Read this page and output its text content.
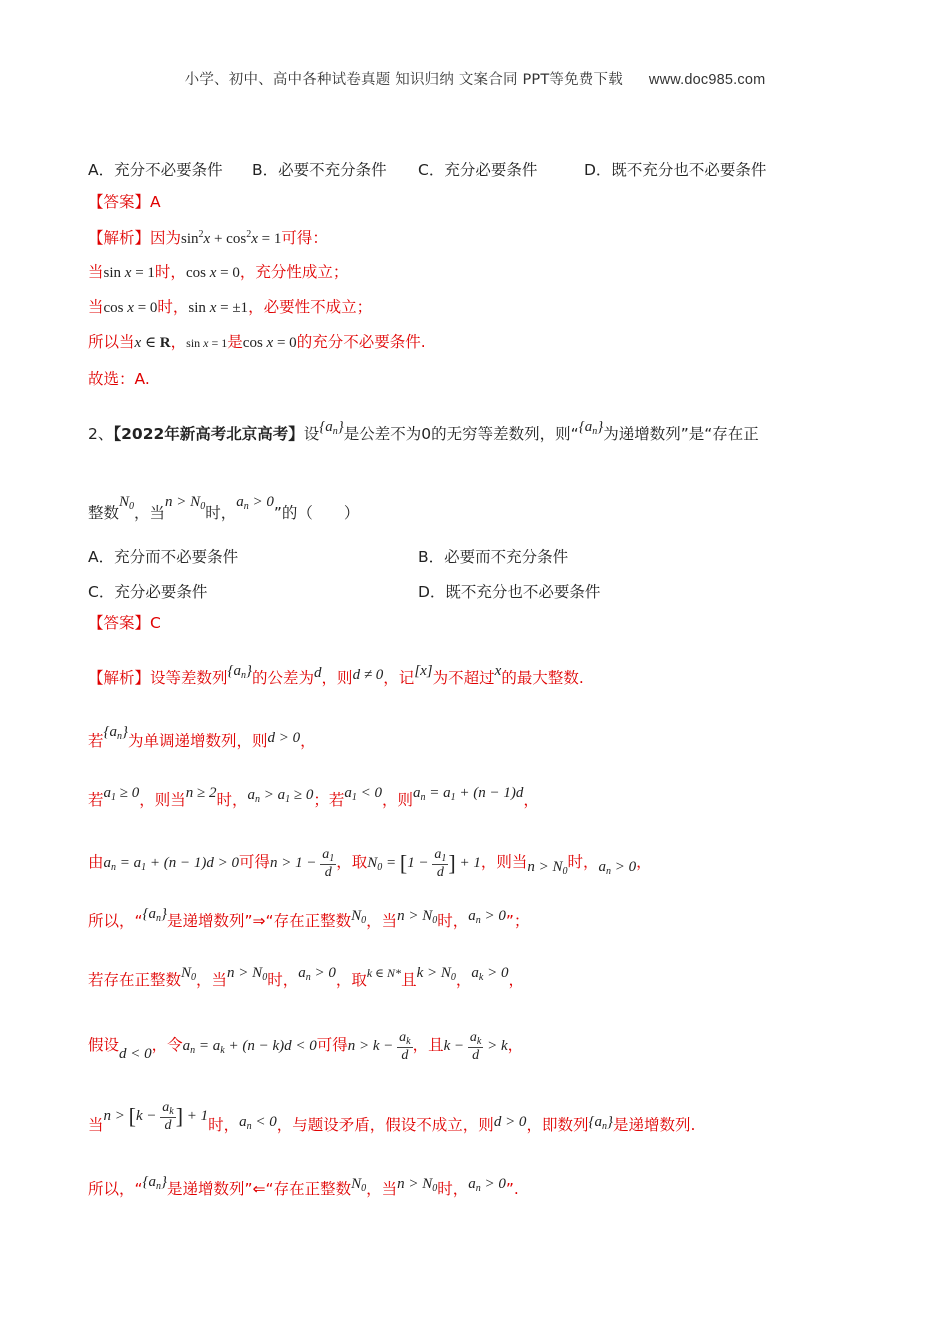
小学、初中、高中各种试卷真题 知识归纳 文案合同 PPT等免费下载 www.doc985.com
A．充分不必要条件 B．必要不充分条件 C．充分必要条件	D．既不充分也不必要条件
【答案】A
【解析】因为$\sin^2x + \cos^2x = 1$可得：
当sin x = 1时，cos x = 0，充分性成立；
当cos x = 0时，sin x = ±1，必要性不成立；
所以当x ∈ R，sin x = 1是cos x = 0的充分不必要条件.
故选：A.
2、【2022年新高考北京高考】设$\{a_n\}$是公差不为0的无穷等差数列，则“$\{a_n\}$为递增数列”是“存在正
整数$N_0$，当$n > N_0$时，$a_n > 0$”的（　　）
A．充分而不必要条件	B．必要而不充分条件
C．充分必要条件	D．既不充分也不必要条件
【答案】C
【解析】设等差数列$\{a_n\}$的公差为d，则d ≠ 0，记[x]为不超过x的最大整数.
若$\{a_n\}$为单调递增数列，则d > 0，
若$a_1 \ge 0$，则当n ≥ 2时，$a_n > a_1 \ge 0$；若$a_1 < 0$，则$a_n = a_1 + (n - 1)d$，
由$a_n = a_1 + (n - 1)d > 0$可得$n > 1 - \frac{a_1}{d}$ ，取$N_0 = [1 - \frac{a_1}{d}$ ] + 1，则当$n > N_0$时，$a_n > 0$，
所以，“$\{a_n\}$是递增数列”⇒“存在正整数$N_0$，当$n > N_0$时，$a_n > 0$”；
若存在正整数$N_0$，当$n > N_0$时，$a_n > 0$，取$^{k \in N*}$且$k > N_0$，$a_k > 0$，
假设d < 0，令$a_n = a_k + (n - k)d < 0$可得$n > k - \frac{a_k}{d}$ ，且$k - \frac{a_k}{d} > k$，
当$n > [k - \frac{a_k}{d}$ ] + 1时，$a_n < 0$，与题设矛盾，假设不成立，则d > 0，即数列$\{a_n\}$是递增数列.
所以，“$\{a_n\}$是递增数列”⇐“存在正整数$N_0$，当$n > N_0$时，$a_n > 0$”.
